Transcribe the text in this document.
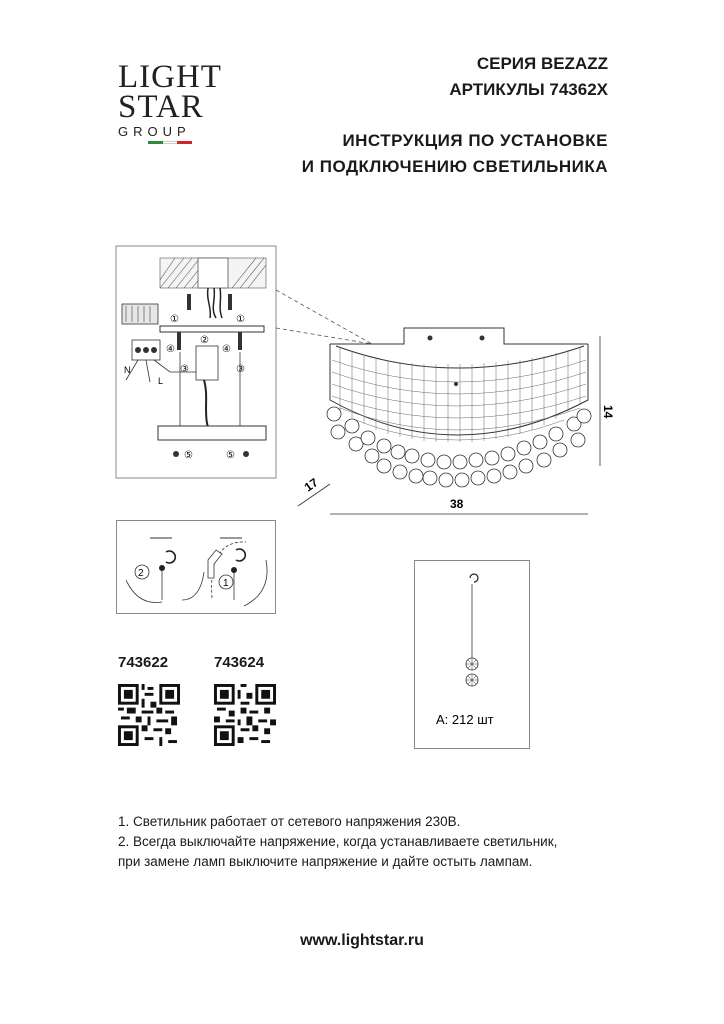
LIGHT
STAR
GROUP
СЕРИЯ BEZAZZ
АРТИКУЛЫ 74362X
ИНСТРУКЦИЯ ПО УСТАНОВКЕ
И ПОДКЛЮЧЕНИЮ СВЕТИЛЬНИКА
N
L
①	①
④	④
③	③
②
⑤	⑤
14
17
38
2
1
A: 212 шт
743622	743624
1. Светильник работает от сетевого напряжения 230В.
2. Всегда выключайте напряжение, когда устанавливаете светильник,
при замене ламп выключите напряжение и дайте остыть лампам.
www.lightstar.ru
